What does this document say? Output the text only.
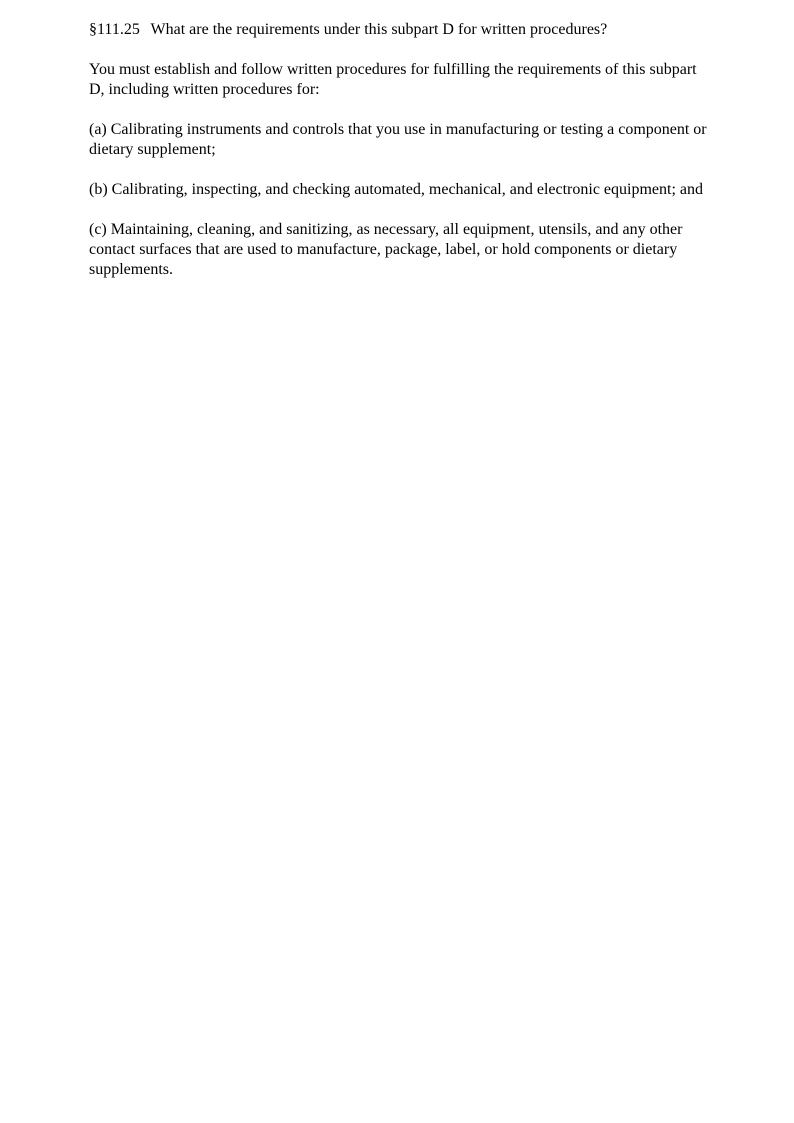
§111.25 What are the requirements under this subpart D for written procedures?

You must establish and follow written procedures for fulfilling the requirements of this subpart D, including written procedures for:

(a) Calibrating instruments and controls that you use in manufacturing or testing a component or dietary supplement;

(b) Calibrating, inspecting, and checking automated, mechanical, and electronic equipment; and

(c) Maintaining, cleaning, and sanitizing, as necessary, all equipment, utensils, and any other contact surfaces that are used to manufacture, package, label, or hold components or dietary supplements.
